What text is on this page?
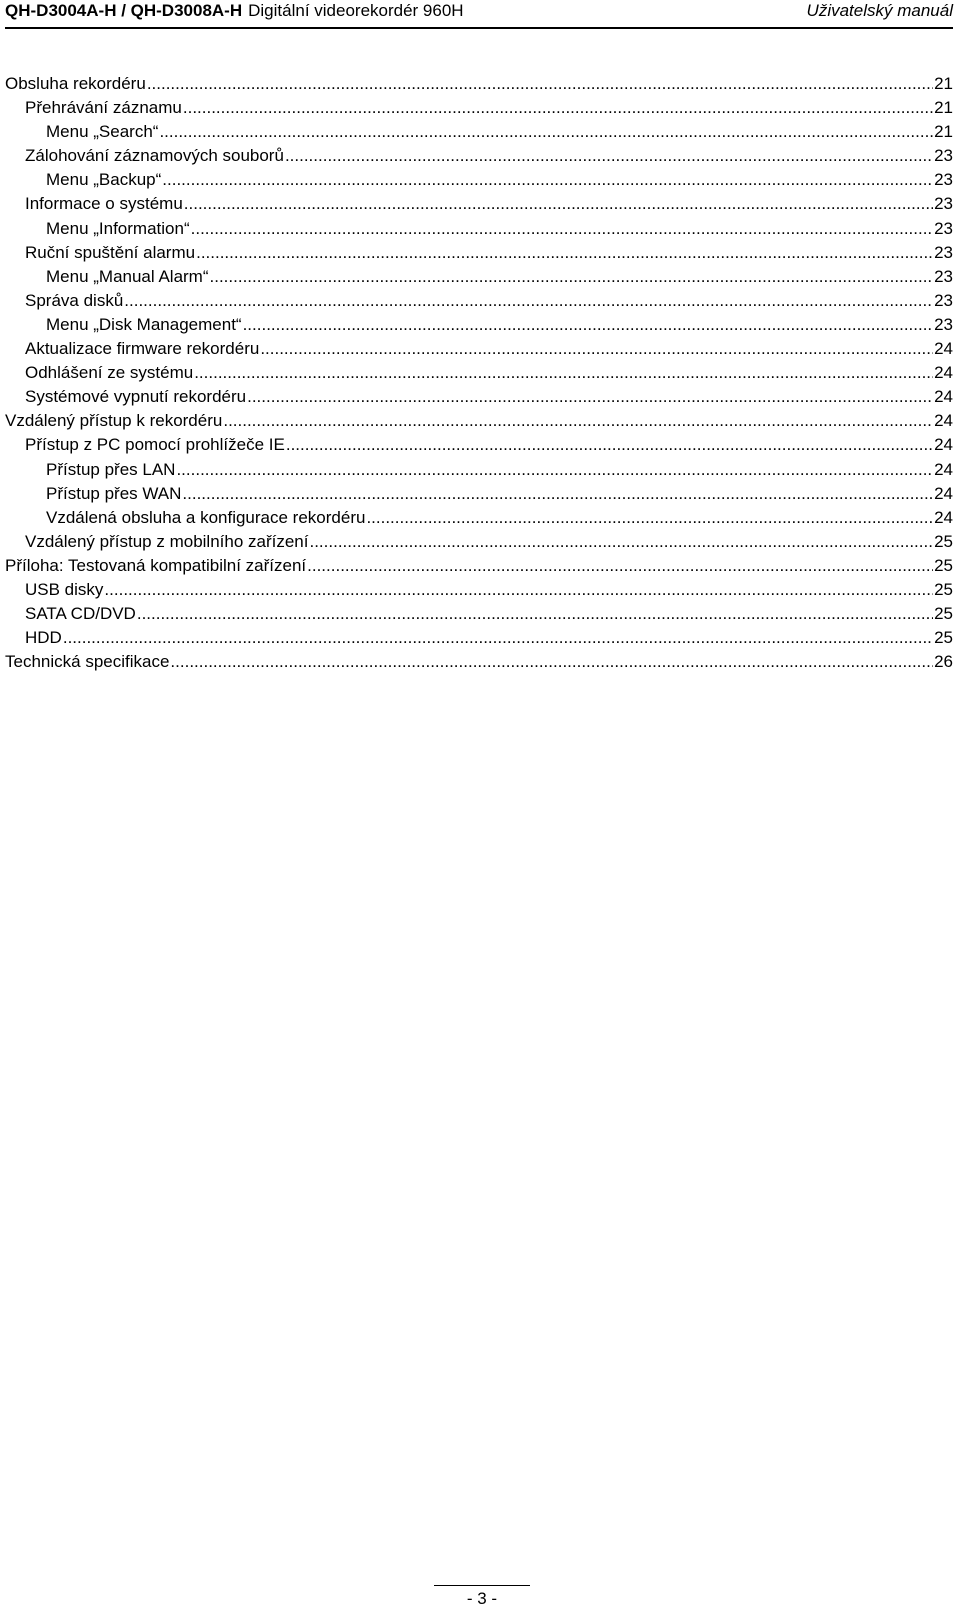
QH-D3004A-H / QH-D3008A-H Digitální videorekordér 960H	Uživatelský manuál
Obsluha rekordéru .....	21
Přehrávání záznamu .....	21
Menu „Search“ .....	21
Zálohování záznamových souborů .....	23
Menu „Backup“ .....	23
Informace o systému .....	23
Menu „Information“ .....	23
Ruční spuštění alarmu .....	23
Menu „Manual Alarm“ .....	23
Správa disků .....	23
Menu „Disk Management“ .....	23
Aktualizace firmware rekordéru .....	24
Odhlášení ze systému .....	24
Systémové vypnutí rekordéru .....	24
Vzdálený přístup k rekordéru .....	24
Přístup z PC pomocí prohlížeče IE .....	24
Přístup přes LAN .....	24
Přístup přes WAN .....	24
Vzdálená obsluha a konfigurace rekordéru .....	24
Vzdálený přístup z mobilního zařízení .....	25
Příloha: Testovaná kompatibilní zařízení .....	25
USB disky .....	25
SATA CD/DVD .....	25
HDD .....	25
Technická specifikace .....	26
- 3 -
